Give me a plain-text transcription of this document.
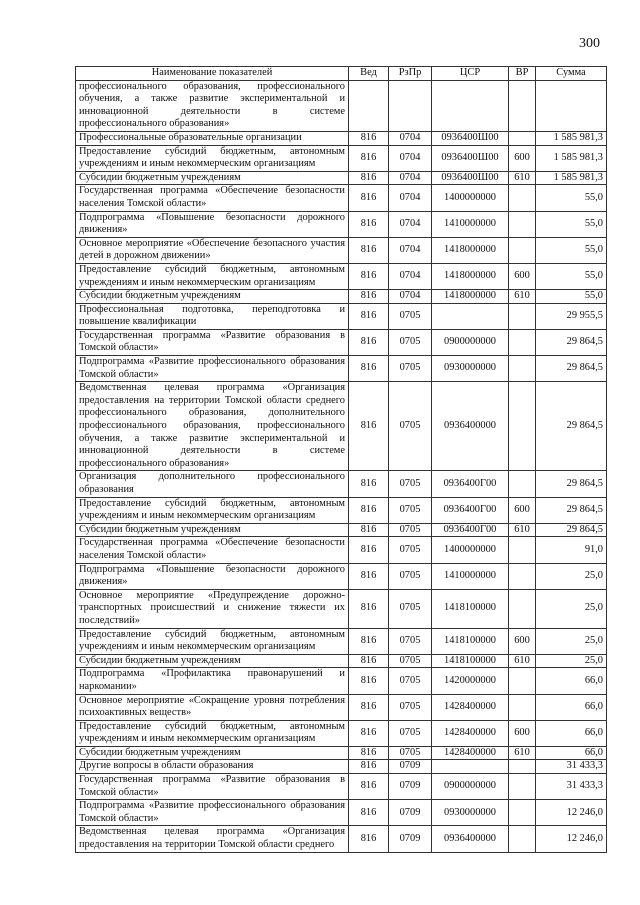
300
Наименование показателей	Вед	РзПр	ЦСР	ВР	Сумма
профессионального образования, профессионального обучения, а также развитие экспериментальной и инновационной деятельности в системе профессионального образования»					
Профессиональные образовательные организации	816	0704	0936400Ш00		1 585 981,3
Предоставление субсидий бюджетным, автономным учреждениям и иным некоммерческим организациям	816	0704	0936400Ш00	600	1 585 981,3
Субсидии бюджетным учреждениям	816	0704	0936400Ш00	610	1 585 981,3
Государственная программа «Обеспечение безопасности населения Томской области»	816	0704	1400000000		55,0
Подпрограмма «Повышение безопасности дорожного движения»	816	0704	1410000000		55,0
Основное мероприятие «Обеспечение безопасного участия детей в дорожном движении»	816	0704	1418000000		55,0
Предоставление субсидий бюджетным, автономным учреждениям и иным некоммерческим организациям	816	0704	1418000000	600	55,0
Субсидии бюджетным учреждениям	816	0704	1418000000	610	55,0
Профессиональная подготовка, переподготовка и повышение квалификации	816	0705			29 955,5
Государственная программа «Развитие образования в Томской области»	816	0705	0900000000		29 864,5
Подпрограмма «Развитие профессионального образования Томской области»	816	0705	0930000000		29 864,5
Ведомственная целевая программа «Организация предоставления на территории Томской области среднего профессионального образования, дополнительного профессионального образования, профессионального обучения, а также развитие экспериментальной и инновационной деятельности в системе профессионального образования»	816	0705	0936400000		29 864,5
Организация дополнительного профессионального образования	816	0705	0936400Г00		29 864,5
Предоставление субсидий бюджетным, автономным учреждениям и иным некоммерческим организациям	816	0705	0936400Г00	600	29 864,5
Субсидии бюджетным учреждениям	816	0705	0936400Г00	610	29 864,5
Государственная программа «Обеспечение безопасности населения Томской области»	816	0705	1400000000		91,0
Подпрограмма «Повышение безопасности дорожного движения»	816	0705	1410000000		25,0
Основное мероприятие «Предупреждение дорожно-транспортных происшествий и снижение тяжести их последствий»	816	0705	1418100000		25,0
Предоставление субсидий бюджетным, автономным учреждениям и иным некоммерческим организациям	816	0705	1418100000	600	25,0
Субсидии бюджетным учреждениям	816	0705	1418100000	610	25,0
Подпрограмма «Профилактика правонарушений и наркомании»	816	0705	1420000000		66,0
Основное мероприятие «Сокращение уровня потребления психоактивных веществ»	816	0705	1428400000		66,0
Предоставление субсидий бюджетным, автономным учреждениям и иным некоммерческим организациям	816	0705	1428400000	600	66,0
Субсидии бюджетным учреждениям	816	0705	1428400000	610	66,0
Другие вопросы в области образования	816	0709			31 433,3
Государственная программа «Развитие образования в Томской области»	816	0709	0900000000		31 433,3
Подпрограмма «Развитие профессионального образования Томской области»	816	0709	0930000000		12 246,0
Ведомственная целевая программа «Организация предоставления на территории Томской области среднего	816	0709	0936400000		12 246,0
